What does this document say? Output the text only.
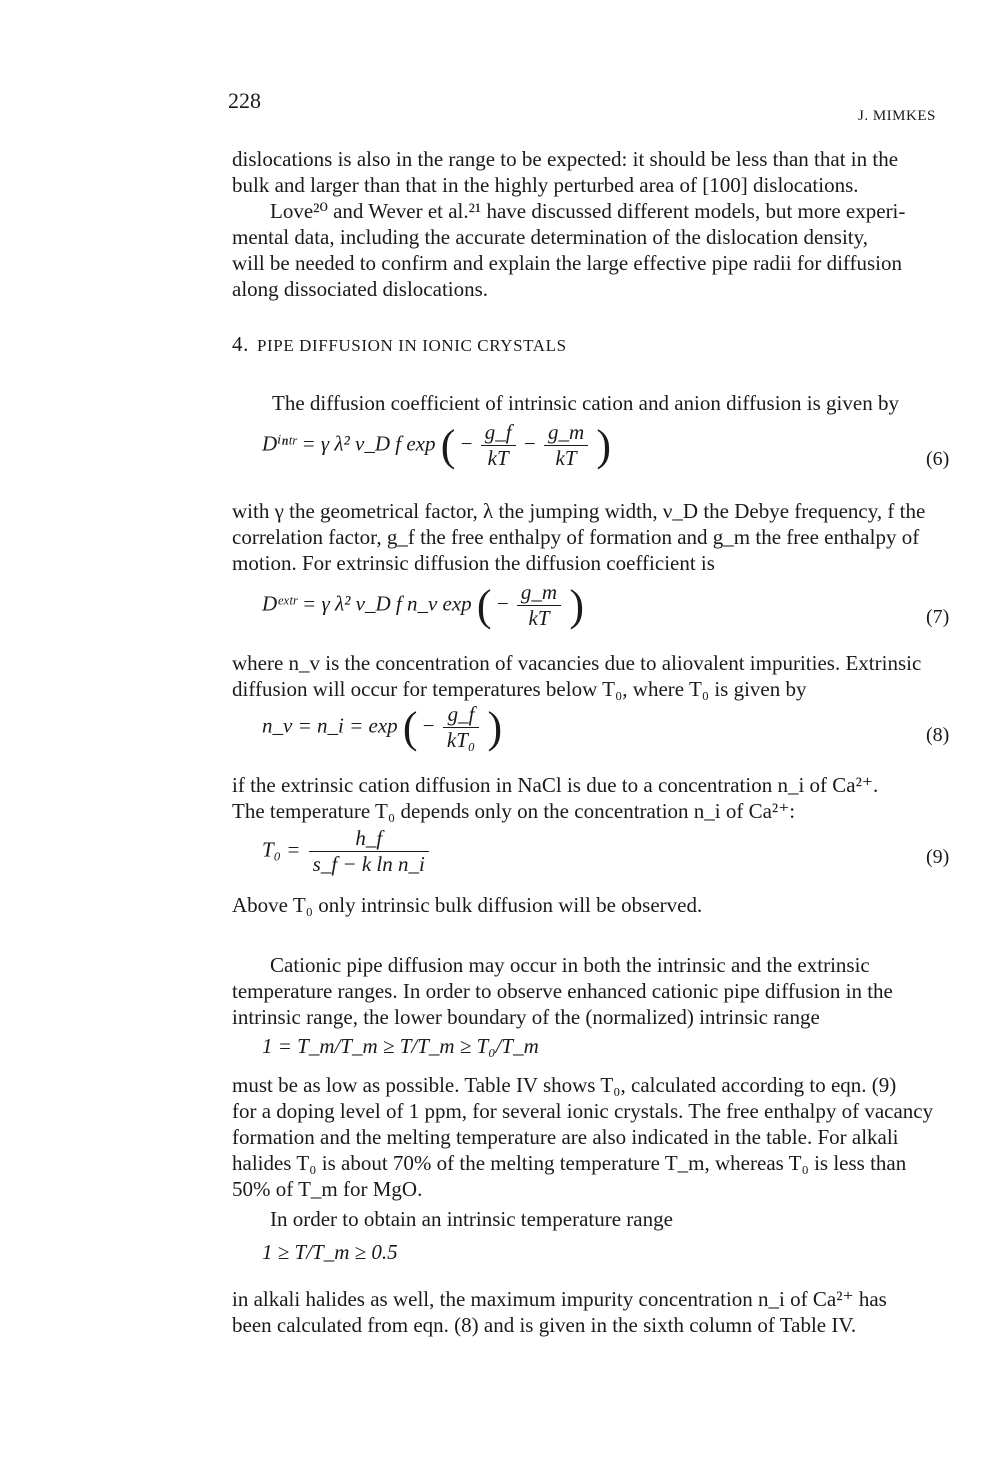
228
J. MIMKES
dislocations is also in the range to be expected: it should be less than that in the
bulk and larger than that in the highly perturbed area of [100] dislocations.
Love²⁰ and Wever et al.²¹ have discussed different models, but more experi-
mental data, including the accurate determination of the dislocation density,
will be needed to confirm and explain the large effective pipe radii for diffusion
along dissociated dislocations.
4. PIPE DIFFUSION IN IONIC CRYSTALS
The diffusion coefficient of intrinsic cation and anion diffusion is given by
Dⁱⁿᵗʳ = γ λ² ν_D f exp ( − $\frac{g\_f}{kT} - \frac{g\_m}{kT}$ )	(6)
with γ the geometrical factor, λ the jumping width, ν_D the Debye frequency, f the
correlation factor, g_f the free enthalpy of formation and g_m the free enthalpy of
motion. For extrinsic diffusion the diffusion coefficient is
Dᵉˣᵗʳ = γ λ² ν_D f n_v exp ( − $\frac{g\_m}{kT}$ )	(7)
where n_v is the concentration of vacancies due to aliovalent impurities. Extrinsic
diffusion will occur for temperatures below T₀, where T₀ is given by
n_v = n_i = exp ( − $\frac{g\_f}{\text{kT₀}}$ )	(8)
if the extrinsic cation diffusion in NaCl is due to a concentration n_i of Ca²⁺.
The temperature T₀ depends only on the concentration n_i of Ca²⁺:
$T_0 = \frac{h\_f}{\text{s\_f − k ln n\_i}}$	(9)
Above T₀ only intrinsic bulk diffusion will be observed.
Cationic pipe diffusion may occur in both the intrinsic and the extrinsic
temperature ranges. In order to observe enhanced cationic pipe diffusion in the
intrinsic range, the lower boundary of the (normalized) intrinsic range
1 = T_m/T_m ≥ T/T_m ≥ T₀/T_m
must be as low as possible. Table IV shows T₀, calculated according to eqn. (9)
for a doping level of 1 ppm, for several ionic crystals. The free enthalpy of vacancy
formation and the melting temperature are also indicated in the table. For alkali
halides T₀ is about 70% of the melting temperature T_m, whereas T₀ is less than
50% of T_m for MgO.
In order to obtain an intrinsic temperature range
1 ≥ T/T_m ≥ 0.5
in alkali halides as well, the maximum impurity concentration n_i of Ca²⁺ has
been calculated from eqn. (8) and is given in the sixth column of Table IV.
